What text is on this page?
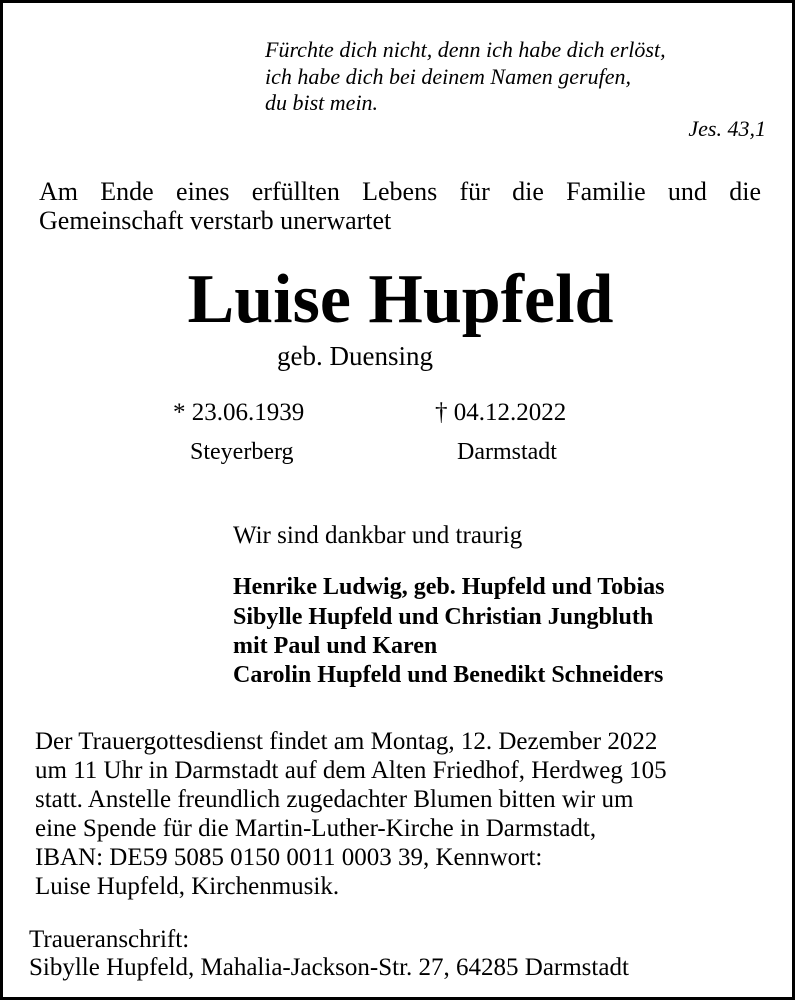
Fürchte dich nicht, denn ich habe dich erlöst,
ich habe dich bei deinem Namen gerufen,
du bist mein.
Jes. 43,1
Am Ende eines erfüllten Lebens für die Familie und die Gemeinschaft verstarb unerwartet
Luise Hupfeld
geb. Duensing
* 23.06.1939	† 04.12.2022
Steyerberg	Darmstadt
Wir sind dankbar und traurig
Henrike Ludwig, geb. Hupfeld und Tobias
Sibylle Hupfeld und Christian Jungbluth
mit Paul und Karen
Carolin Hupfeld und Benedikt Schneiders
Der Trauergottesdienst findet am Montag, 12. Dezember 2022
um 11 Uhr in Darmstadt auf dem Alten Friedhof, Herdweg 105
statt. Anstelle freundlich zugedachter Blumen bitten wir um
eine Spende für die Martin-Luther-Kirche in Darmstadt,
IBAN: DE59 5085 0150 0011 0003 39, Kennwort:
Luise Hupfeld, Kirchenmusik.
Traueranschrift:
Sibylle Hupfeld, Mahalia-Jackson-Str. 27, 64285 Darmstadt
